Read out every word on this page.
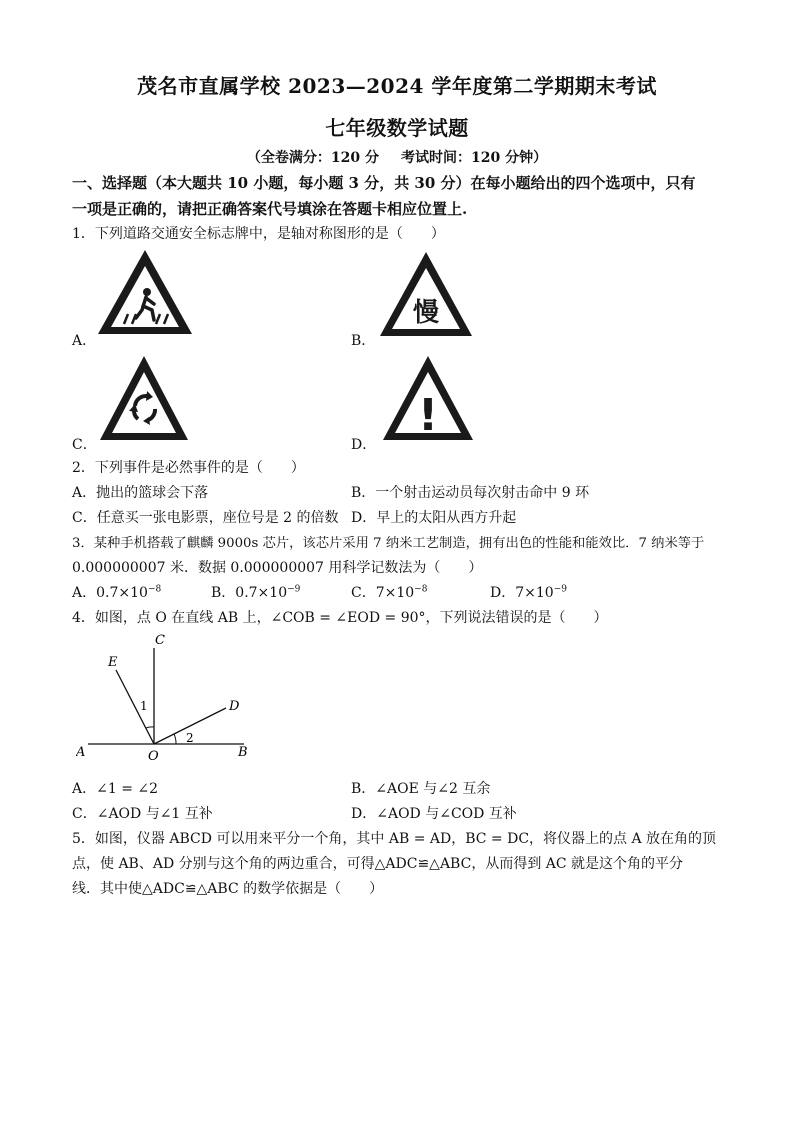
茂名市直属学校 2023—2024 学年度第二学期期末考试
七年级数学试题
（全卷满分：120 分 考试时间：120 分钟）
一、选择题（本大题共 10 小题，每小题 3 分，共 30 分）在每小题给出的四个选项中，只有
一项是正确的，请把正确答案代号填涂在答题卡相应位置上.
1．下列道路交通安全标志牌中，是轴对称图形的是（　　）
A．	B．
慢
C．	D．
!
2．下列事件是必然事件的是（　　）
A．抛出的篮球会下落	B．一个射击运动员每次射击命中 9 环
C．任意买一张电影票，座位号是 2 的倍数 D．早上的太阳从西方升起
3．某种手机搭载了麒麟 9000s 芯片，该芯片采用 7 纳米工艺制造，拥有出色的性能和能效比．7 纳米等于
0.000000007 米．数据 0.000000007 用科学记数法为（　　）
A．$0.7\times 10^{-8}$	B．$0.7\times 10^{-9}$	C．$7\times 10^{-8}$	D．$7\times 10^{-9}$
4．如图，点 O 在直线 AB 上，∠COB = ∠EOD = 90°，下列说法错误的是（　　）
C
E
D
A	O	B
1
2
A．∠1 = ∠2	B．∠AOE 与∠2 互余
C．∠AOD 与∠1 互补	D．∠AOD 与∠COD 互补
5．如图，仪器 ABCD 可以用来平分一个角，其中 AB = AD，BC = DC，将仪器上的点 A 放在角的顶
点，使 AB、AD 分别与这个角的两边重合，可得△ADC≌△ABC，从而得到 AC 就是这个角的平分
线．其中使△ADC≌△ABC 的数学依据是（　　）
